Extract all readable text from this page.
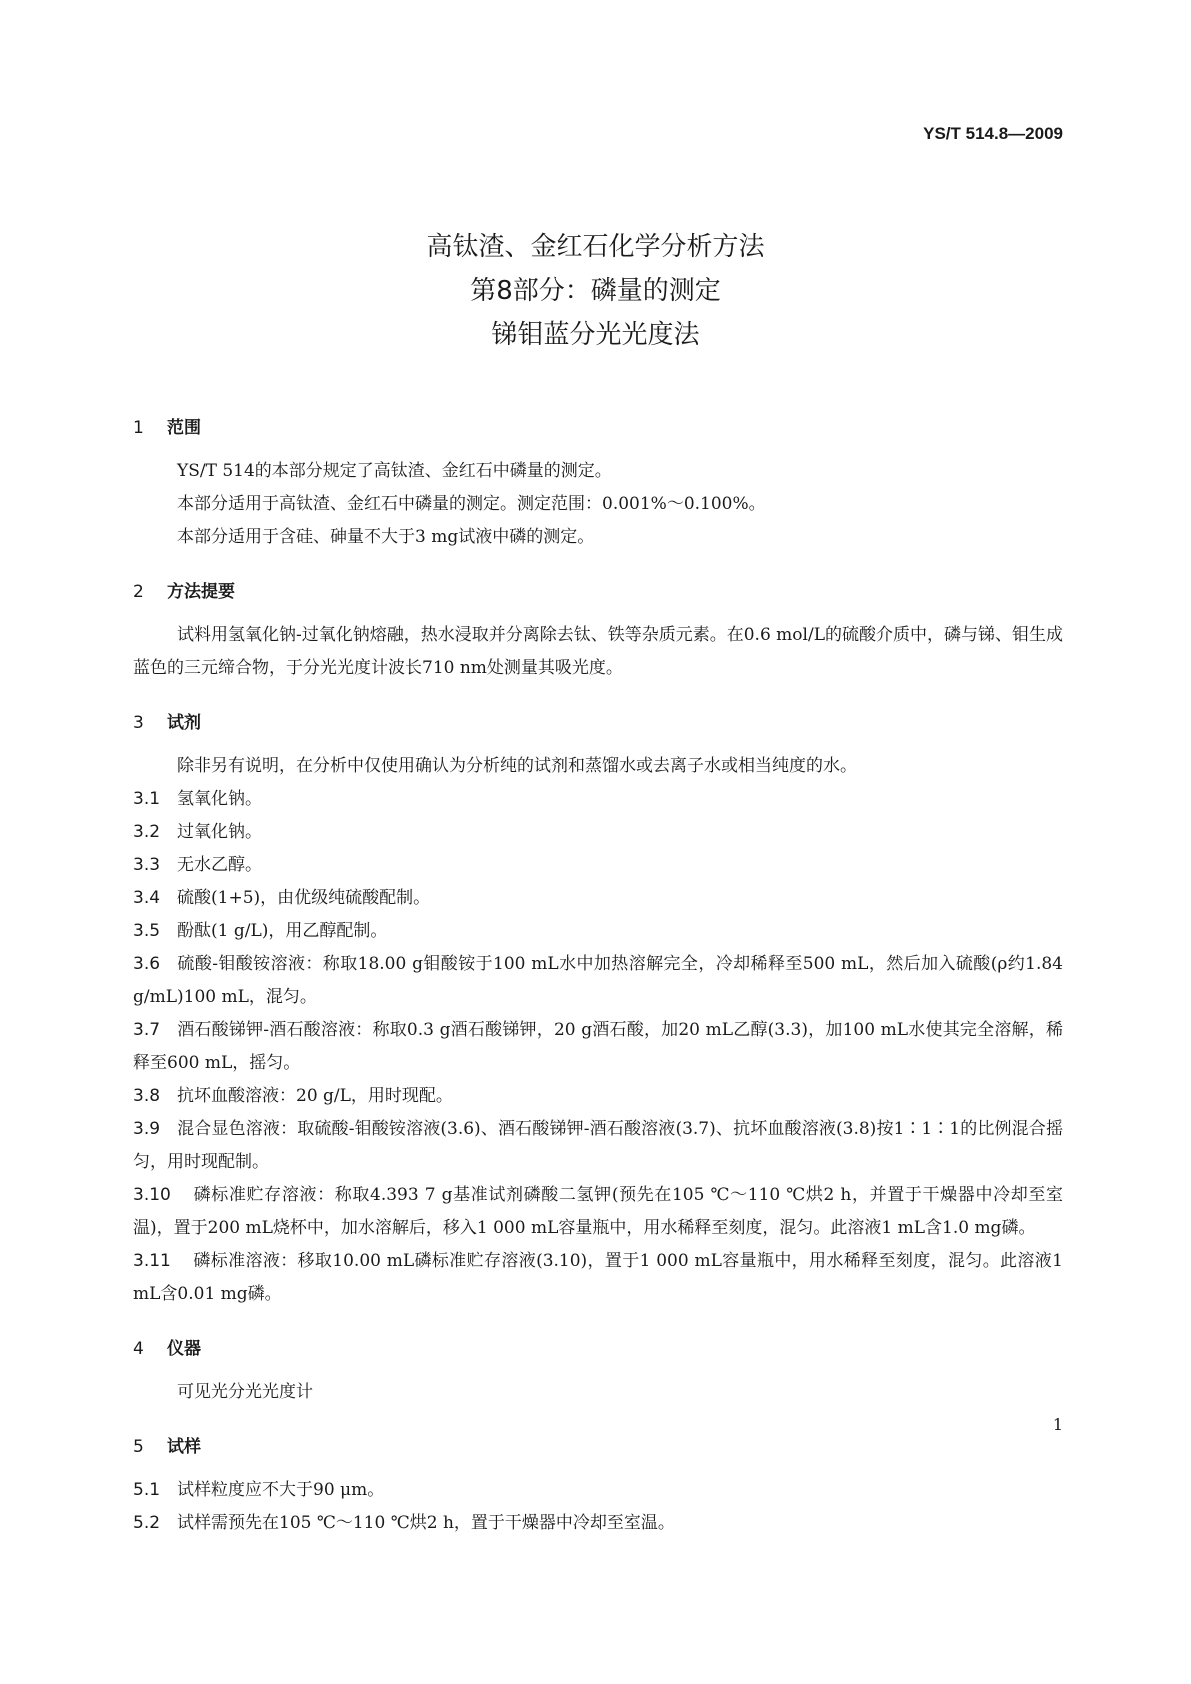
YS/T 514.8—2009
高钛渣、金红石化学分析方法
第8部分：磷量的测定
锑钼蓝分光光度法
1 范围

YS/T 514的本部分规定了高钛渣、金红石中磷量的测定。

本部分适用于高钛渣、金红石中磷量的测定。测定范围：0.001%～0.100%。

本部分适用于含硅、砷量不大于3 mg试液中磷的测定。

2 方法提要

试料用氢氧化钠-过氧化钠熔融，热水浸取并分离除去钛、铁等杂质元素。在0.6 mol/L的硫酸介质中，磷与锑、钼生成蓝色的三元缔合物，于分光光度计波长710 nm处测量其吸光度。

3 试剂

除非另有说明，在分析中仅使用确认为分析纯的试剂和蒸馏水或去离子水或相当纯度的水。

3.1 氢氧化钠。

3.2 过氧化钠。

3.3 无水乙醇。

3.4 硫酸(1+5)，由优级纯硫酸配制。

3.5 酚酞(1 g/L)，用乙醇配制。

3.6 硫酸-钼酸铵溶液：称取18.00 g钼酸铵于100 mL水中加热溶解完全，冷却稀释至500 mL，然后加入硫酸(ρ约1.84 g/mL)100 mL，混匀。

3.7 酒石酸锑钾-酒石酸溶液：称取0.3 g酒石酸锑钾，20 g酒石酸，加20 mL乙醇(3.3)，加100 mL水使其完全溶解，稀释至600 mL，摇匀。

3.8 抗坏血酸溶液：20 g/L，用时现配。

3.9 混合显色溶液：取硫酸-钼酸铵溶液(3.6)、酒石酸锑钾-酒石酸溶液(3.7)、抗坏血酸溶液(3.8)按1∶1∶1的比例混合摇匀，用时现配制。

3.10 磷标准贮存溶液：称取4.393 7 g基准试剂磷酸二氢钾(预先在105 ℃～110 ℃烘2 h，并置于干燥器中冷却至室温)，置于200 mL烧杯中，加水溶解后，移入1 000 mL容量瓶中，用水稀释至刻度，混匀。此溶液1 mL含1.0 mg磷。

3.11 磷标准溶液：移取10.00 mL磷标准贮存溶液(3.10)，置于1 000 mL容量瓶中，用水稀释至刻度，混匀。此溶液1 mL含0.01 mg磷。

4 仪器

可见光分光光度计

5 试样

5.1 试样粒度应不大于90 μm。

5.2 试样需预先在105 ℃～110 ℃烘2 h，置于干燥器中冷却至室温。

1
